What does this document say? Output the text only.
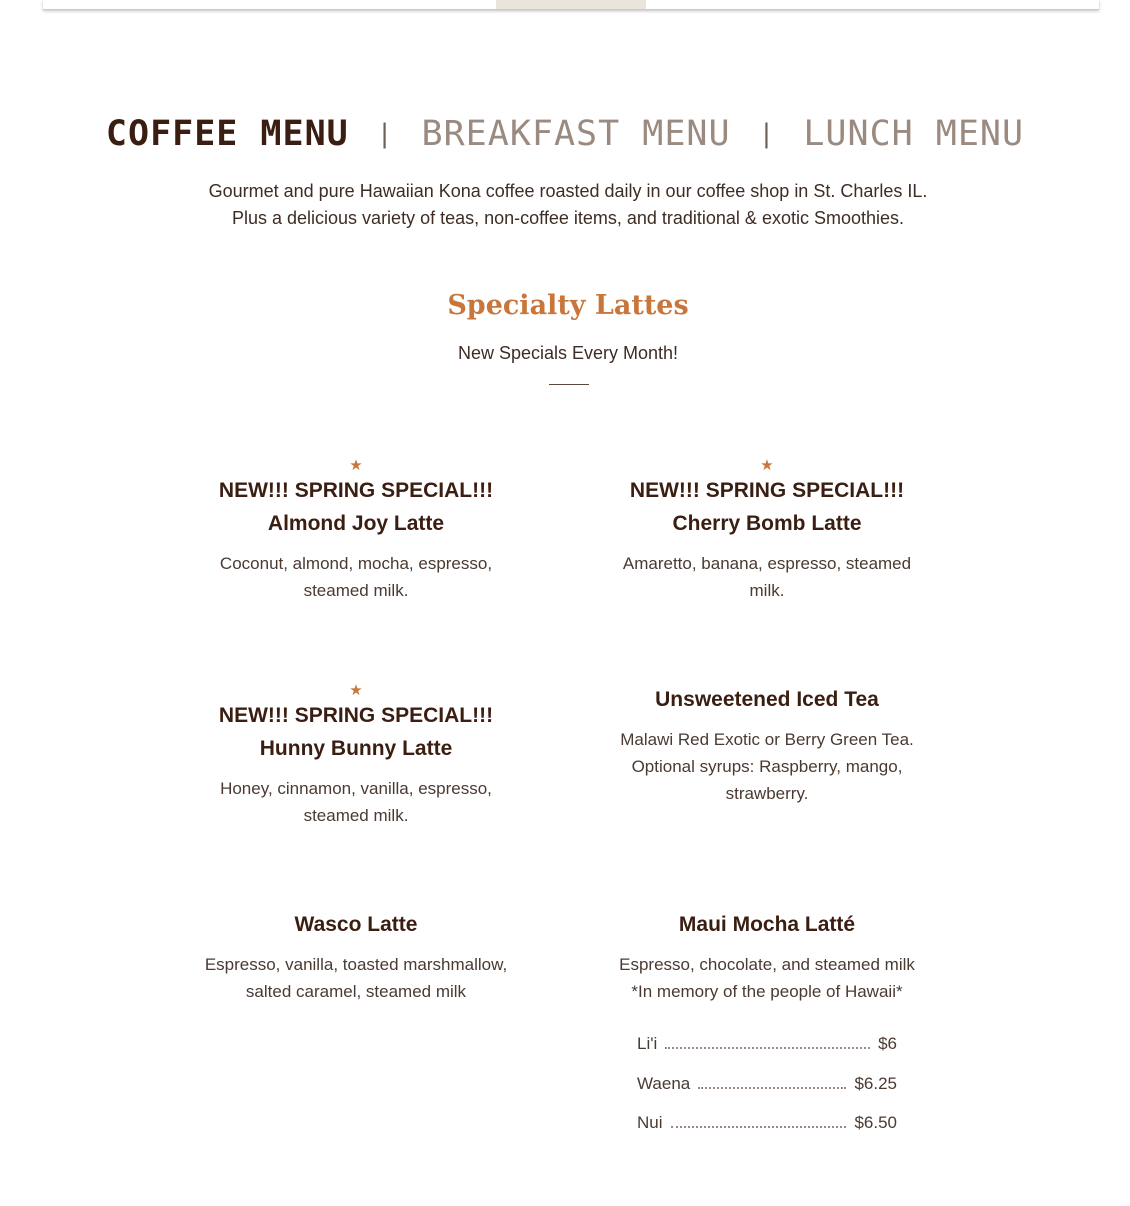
COFFEE MENU | BREAKFAST MENU | LUNCH MENU
Gourmet and pure Hawaiian Kona coffee roasted daily in our coffee shop in St. Charles IL.
Plus a delicious variety of teas, non-coffee items, and traditional & exotic Smoothies.
Specialty Lattes
New Specials Every Month!
★
NEW!!! SPRING SPECIAL!!!
Almond Joy Latte

Coconut, almond, mocha, espresso, steamed milk.

★
NEW!!! SPRING SPECIAL!!!
Cherry Bomb Latte

Amaretto, banana, espresso, steamed milk.

★
NEW!!! SPRING SPECIAL!!!
Hunny Bunny Latte

Honey, cinnamon, vanilla, espresso, steamed milk.

Unsweetened Iced Tea

Malawi Red Exotic or Berry Green Tea. Optional syrups: Raspberry, mango, strawberry.

Wasco Latte

Espresso, vanilla, toasted marshmallow, salted caramel, steamed milk

Maui Mocha Latté

Espresso, chocolate, and steamed milk

*In memory of the people of Hawaii*

Li'i	$6
Waena	$6.25
Nui	$6.50
